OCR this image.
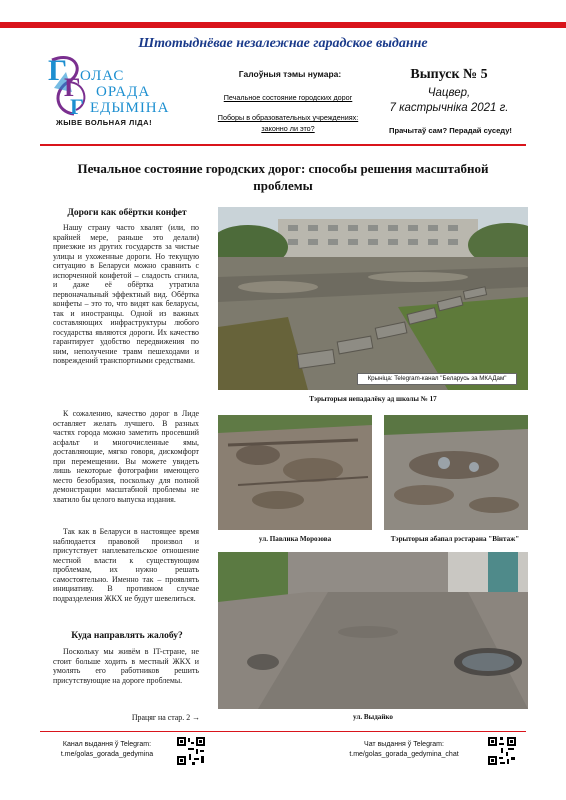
Штотыднёвае незалежнае гарадское выданне
Г
Г
Г
ОЛАС
ОРАДА
ЕДЫМІНА
ЖЫВЕ ВОЛЬНАЯ ЛІДА!
Галоўныя тэмы нумара:
Печальное состояние городских дорог
Поборы в образовательных учреждениях: законно ли это?
Выпуск № 5
Чацвер,
7 кастрычніка 2021 г.
Прачытаў сам? Перадай суседу!
Печальное состояние городских дорог: способы решения масштабной проблемы
Дороги как обёртки конфет
Нашу страну часто хвалят (или, по крайней мере, раньше это делали) приезжие из других государств за чистые улицы и ухоженные дороги. Но текущую ситуацию в Беларуси можно сравнить с испорченной конфетой – сладость сгнила, и даже её обёртка утратила первоначальный эффектный вид. Обёртка конфеты – это то, что видят как беларусы, так и иностранцы. Одной из важных составляющих инфраструктуры любого государства являются дороги. Их качество гарантирует удобство передвижения по ним, неполучение травм пешеходами и повреждений транспортными средствами.
К сожалению, качество дорог в Лиде оставляет желать лучшего. В разных частях города можно заметить просевший асфальт и многочисленные ямы, доставляющие, мягко говоря, дискомфорт при перемещении. Вы можете увидеть лишь некоторые фотографии имеющего место безобразия, поскольку для полной демонстрации масштабной проблемы не хватило бы целого выпуска издания.
Так как в Беларуси в настоящее время наблюдается правовой произвол и присутствует наплевательское отношение местной власти к существующим проблемам, их нужно решать самостоятельно. Именно так – проявлять инициативу. В противном случае подразделения ЖКХ не будут шевелиться.
Куда направлять жалобу?
Поскольку мы живём в IT-стране, не стоит больше ходить в местный ЖКХ и умолять его работников решить присутствующие на дороге проблемы.
Працяг на стар. 2 →
Крыніца: Telegram-канал "Беларусь за МКАДам"
Тэрыторыя непадалёку ад школы № 17
ул. Павлика Морозова	Тэрыторыя абапал рэстарана "Вінтаж"
ул. Выдайко
Канал выдання ў Telegram:
t.me/golas_gorada_gedymina
Чат выдання ў Telegram:
t.me/golas_gorada_gedymina_chat
